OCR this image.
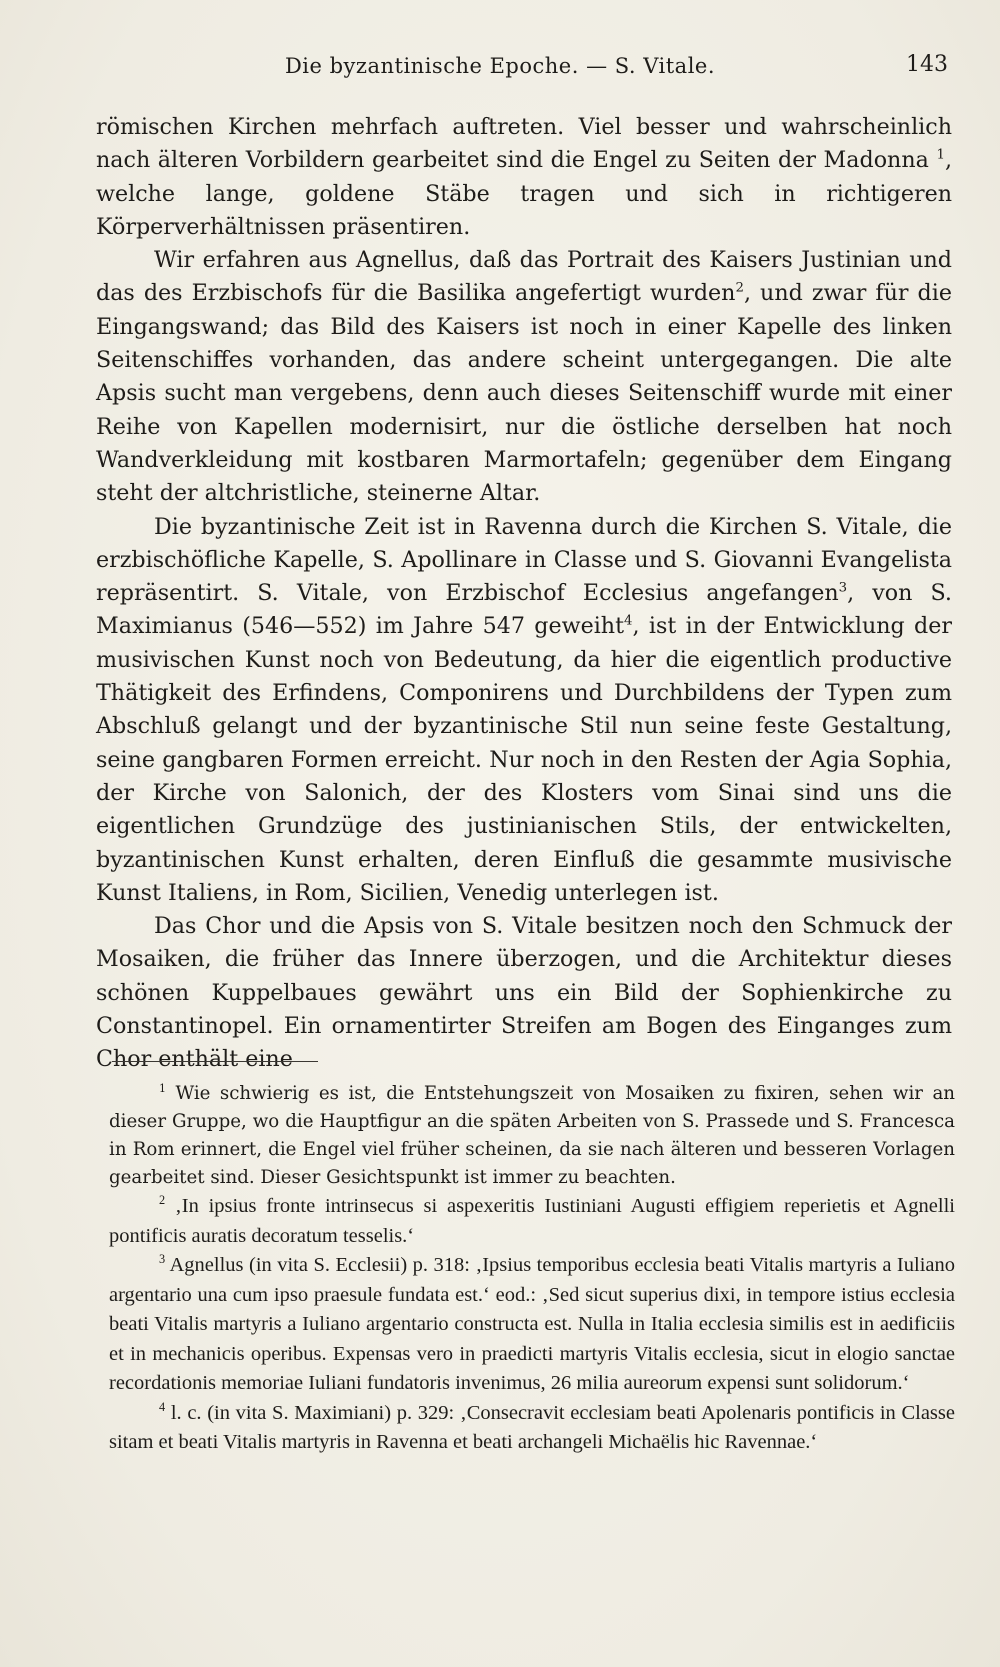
Die byzantinische Epoche. — S. Vitale.	143

römischen Kirchen mehrfach auftreten. Viel besser und wahrscheinlich nach älteren Vorbildern gearbeitet sind die Engel zu Seiten der Madonna $^1$, welche lange, goldene Stäbe tragen und sich in richtigeren Körperverhältnissen präsentiren.

Wir erfahren aus Agnellus, daß das Portrait des Kaisers Justinian und das des Erzbischofs für die Basilika angefertigt wurden$^2$, und zwar für die Eingangswand; das Bild des Kaisers ist noch in einer Kapelle des linken Seitenschiffes vorhanden, das andere scheint untergegangen. Die alte Apsis sucht man vergebens, denn auch dieses Seitenschiff wurde mit einer Reihe von Kapellen modernisirt, nur die östliche derselben hat noch Wandverkleidung mit kostbaren Marmortafeln; gegenüber dem Eingang steht der altchristliche, steinerne Altar.

Die byzantinische Zeit ist in Ravenna durch die Kirchen S. Vitale, die erzbischöfliche Kapelle, S. Apollinare in Classe und S. Giovanni Evangelista repräsentirt. S. Vitale, von Erzbischof Ecclesius angefangen$^3$, von S. Maximianus (546—552) im Jahre 547 geweiht$^4$, ist in der Entwicklung der musivischen Kunst noch von Bedeutung, da hier die eigentlich productive Thätigkeit des Erfindens, Componirens und Durchbildens der Typen zum Abschluß gelangt und der byzantinische Stil nun seine feste Gestaltung, seine gangbaren Formen erreicht. Nur noch in den Resten der Agia Sophia, der Kirche von Salonich, der des Klosters vom Sinai sind uns die eigentlichen Grundzüge des justinianischen Stils, der entwickelten, byzantinischen Kunst erhalten, deren Einfluß die gesammte musivische Kunst Italiens, in Rom, Sicilien, Venedig unterlegen ist.

Das Chor und die Apsis von S. Vitale besitzen noch den Schmuck der Mosaiken, die früher das Innere überzogen, und die Architektur dieses schönen Kuppelbaues gewährt uns ein Bild der Sophienkirche zu Constantinopel. Ein ornamentirter Streifen am Bogen des Einganges zum Chor enthält eine

$^1$ Wie schwierig es ist, die Entstehungszeit von Mosaiken zu fixiren, sehen wir an dieser Gruppe, wo die Hauptfigur an die späten Arbeiten von S. Prassede und S. Francesca in Rom erinnert, die Engel viel früher scheinen, da sie nach älteren und besseren Vorlagen gearbeitet sind. Dieser Gesichtspunkt ist immer zu beachten.

$^2$ ‚In ipsius fronte intrinsecus si aspexeritis Iustiniani Augusti effigiem reperietis et Agnelli pontificis auratis decoratum tesselis.‘

$^3$ Agnellus (in vita S. Ecclesii) p. 318: ‚Ipsius temporibus ecclesia beati Vitalis martyris a Iuliano argentario una cum ipso praesule fundata est.‘ eod.: ‚Sed sicut superius dixi, in tempore istius ecclesia beati Vitalis martyris a Iuliano argentario constructa est. Nulla in Italia ecclesia similis est in aedificiis et in mechanicis operibus. Expensas vero in praedicti martyris Vitalis ecclesia, sicut in elogio sanctae recordationis memoriae Iuliani fundatoris invenimus, 26 milia aureorum expensi sunt solidorum.‘

$^4$ l. c. (in vita S. Maximiani) p. 329: ‚Consecravit ecclesiam beati Apolenaris pontificis in Classe sitam et beati Vitalis martyris in Ravenna et beati archangeli Michaëlis hic Ravennae.‘
